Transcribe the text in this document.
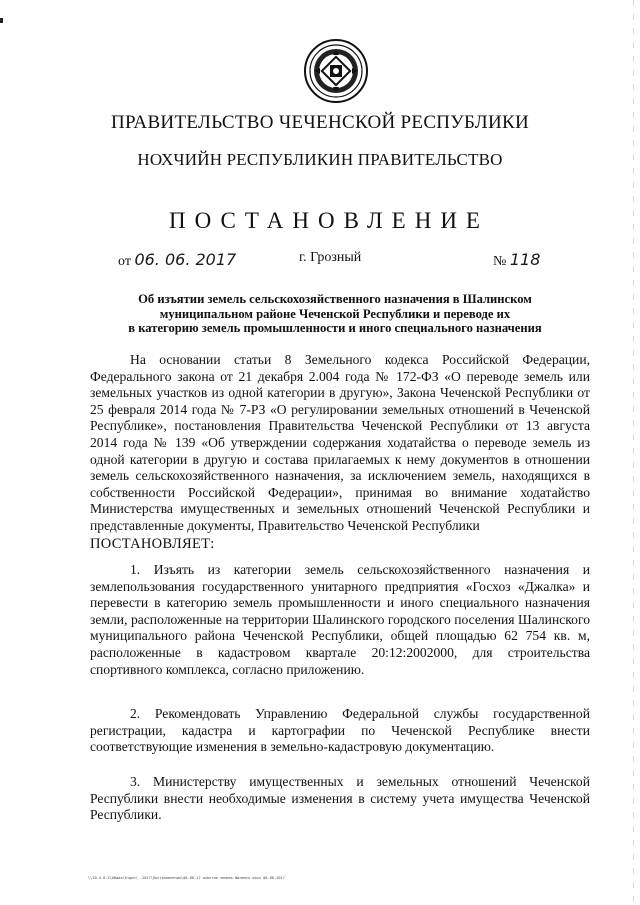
ПРАВИТЕЛЬСТВО ЧЕЧЕНСКОЙ РЕСПУБЛИКИ
НОХЧИЙН РЕСПУБЛИКИН ПРАВИТЕЛЬСТВО
ПОСТАНОВЛЕНИЕ
от 06. 06. 2017	г. Грозный	№ 118
Об изъятии земель сельскохозяйственного назначения в Шалинском
муниципальном районе Чеченской Республики и переводе их
в категорию земель промышленности и иного специального назначения
На основании статьи 8 Земельного кодекса Российской Федерации, Федерального закона от 21 декабря 2.004 года № 172-ФЗ «О переводе земель или земельных участков из одной категории в другую», Закона Чеченской Республики от 25 февраля 2014 года № 7-РЗ «О регулировании земельных отношений в Чеченской Республике», постановления Правительства Чеченской Республики от 13 августа 2014 года № 139 «Об утверждении содержания ходатайства о переводе земель из одной категории в другую и состава прилагаемых к нему документов в отношении земель сельскохозяйственного назначения, за исключением земель, находящихся в собственности Российской Федерации», принимая во внимание ходатайство Министерства имущественных и земельных отношений Чеченской Республики и представленные документы, Правительство Чеченской Республики
ПОСТАНОВЛЯЕТ:
1. Изъять из категории земель сельскохозяйственного назначения и землепользования государственного унитарного предприятия «Госхоз «Джалка» и перевести в категорию земель промышленности и иного специального назначения земли, расположенные на территории Шалинского городского поселения Шалинского муниципального района Чеченской Республики, общей площадью 62 754 кв. м, расположенные в кадастровом квартале 20:12:2002000, для строительства спортивного комплекса, согласно приложению.
2. Рекомендовать Управлению Федеральной службы государственной регистрации, кадастра и картографии по Чеченской Республике внести соответствующие изменения в земельно-кадастровую документацию.
3. Министерству имущественных и земельных отношений Чеченской Республики внести необходимые изменения в систему учета имущества Чеченской Республики.
\\10.4.0.2\Общая\Отдел\ -2017\Постановления\06.06.17 изъятие земель Шалинск.docx 06.06.2017
